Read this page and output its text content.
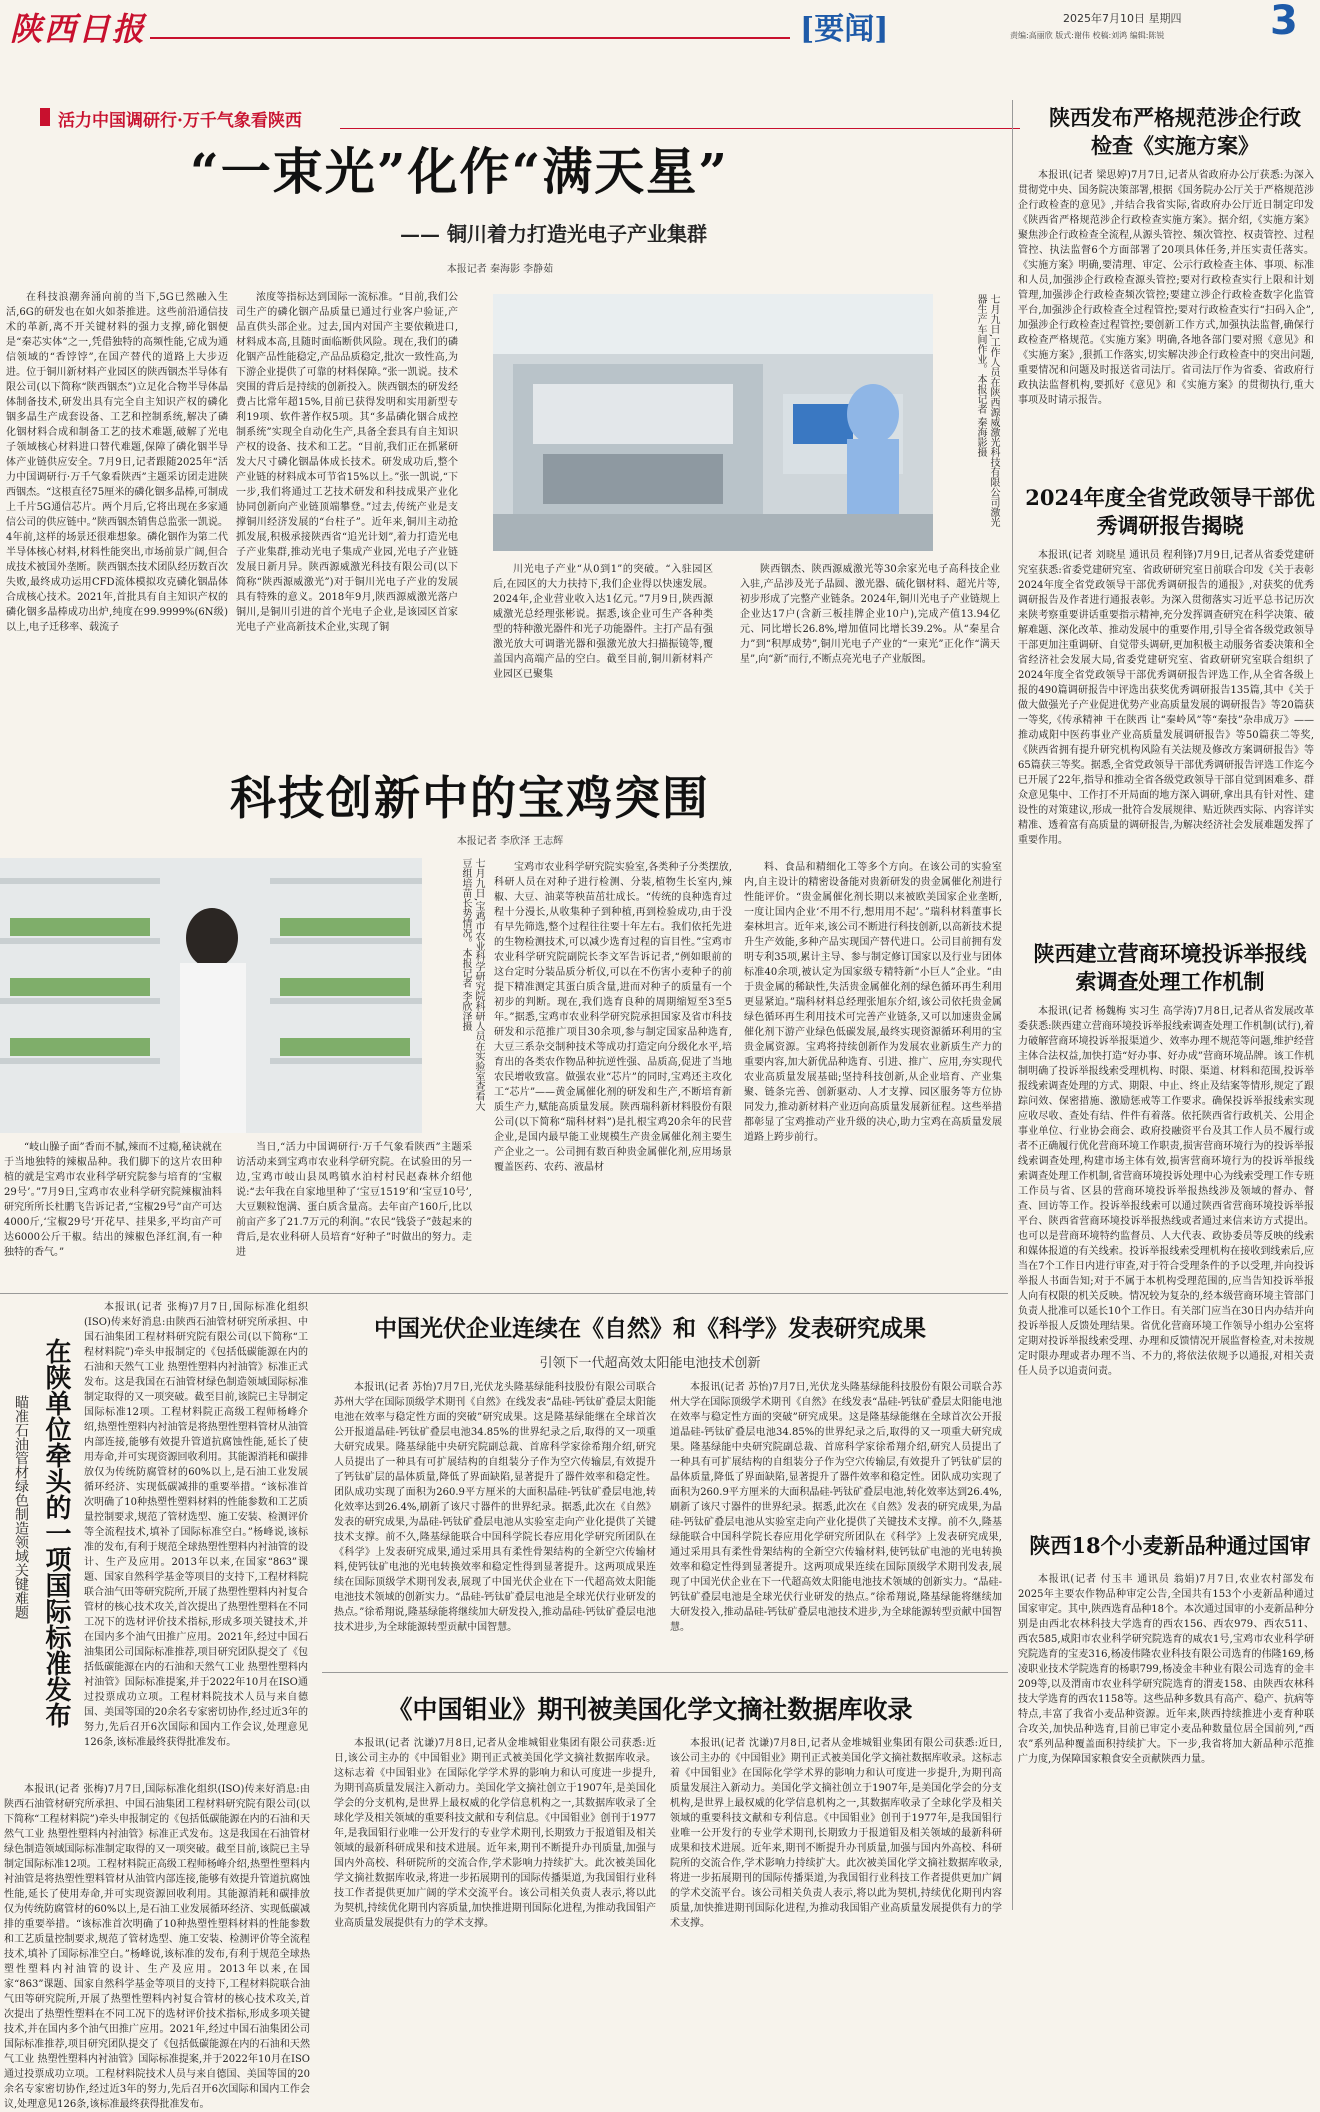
陕西日报	[要闻]	2025年7月10日 星期四
责编:高丽欣 版式:谢伟 校稿:刘鸿 编辑:陈锐	3
活力中国调研行·万千气象看陕西
“一束光”化作“满天星”
—— 铜川着力打造光电子产业集群
本报记者 秦海影 李静茹

在科技浪潮奔涌向前的当下,5G已然融入生活,6G的研发也在如火如荼推进。这些前沿通信技术的革新,离不开关键材料的强力支撑,碲化铟便是“秦芯实体”之一,凭借独特的高频性能,它成为通信领域的“香饽饽”,在国产替代的道路上大步迈进。位于铜川新材料产业园区的陕西铟杰半导体有限公司(以下简称“陕西铟杰”)立足化合物半导体晶体制备技术,研发出具有完全自主知识产权的磷化铟多晶生产成套设备、工艺和控制系统,解决了磷化铟材料合成和制备工艺的技术难题,破解了光电子领域核心材料进口替代难题,保障了磷化铟半导体产业链供应安全。7月9日,记者跟随2025年“活力中国调研行·万千气象看陕西”主题采访团走进陕西铟杰。“这根直径75厘米的磷化铟多晶棒,可制成上千片5G通信芯片。两个月后,它将出现在多家通信公司的供应链中。”陕西铟杰销售总监张一凯说。4年前,这样的场景还很难想象。磷化铟作为第二代半导体核心材料,材料性能突出,市场前景广阔,但合成技术被国外垄断。陕西铟杰技术团队经历数百次失败,最终成功运用CFD流体模拟攻克磷化铟晶体合成核心技术。2021年,首批具有自主知识产权的磷化铟多晶棒成功出炉,纯度在99.9999%(6N级)以上,电子迁移率、载流子

浓度等指标达到国际一流标准。“目前,我们公司生产的磷化铟产品质量已通过行业客户验证,产品直供头部企业。过去,国内对国产主要依赖进口,材料成本高,且随时面临断供风险。现在,我们的磷化铟产品性能稳定,产品品质稳定,批次一致性高,为下游企业提供了可靠的材料保障。”张一凯说。技术突围的背后是持续的创新投入。陕西铟杰的研发经费占比常年超15%,目前已获得发明和实用新型专利19项、软件著作权5项。其“多晶磷化铟合成控制系统”实现全自动化生产,具备全套具有自主知识产权的设备、技术和工艺。“目前,我们正在抓紧研发大尺寸磷化铟晶体成长技术。研发成功后,整个产业链的材料成本可节省15%以上。”张一凯说,“下一步,我们将通过工艺技术研发和科技成果产业化协同创新向产业链顶端攀登。”过去,传统产业是支撑铜川经济发展的“台柱子”。近年来,铜川主动抢抓发展,积极承接陕西省“追光计划”,着力打造光电子产业集群,推动光电子集成产业园,光电子产业链发展日新月异。陕西源威激光科技有限公司(以下简称“陕西源威激光”)对于铜川光电子产业的发展具有特殊的意义。2018年9月,陕西源威激光落户铜川,是铜川引进的首个光电子企业,是该园区首家光电子产业高新技术企业,实现了铜

七月九日,工作人员在陕西源威激光科技有限公司激光器生产车间作业。本报记者 秦海影摄

川光电子产业“从0到1”的突破。“入驻园区后,在园区的大力扶持下,我们企业得以快速发展。2024年,企业营业收入达1亿元。”7月9日,陕西源威激光总经理张彬说。据悉,该企业可生产各种类型的特种激光器件和光子功能器件。主打产品有强激光放大可调谐光器和强激光放大扫描振镜等,覆盖国内高端产品的空白。截至目前,铜川新材料产业园区已聚集

陕西铟杰、陕西源威激光等30余家光电子高科技企业入驻,产品涉及光子晶圆、激光器、硫化铟材料、超光片等,初步形成了完整产业链条。2024年,铜川光电子产业链规上企业达17户(含新三板挂牌企业10户),完成产值13.94亿元、同比增长26.8%,增加值同比增长39.2%。从“秦星合力”到“积厚成势”,铜川光电子产业的“一束光”正化作“满天星”,向“新”而行,不断点亮光电子产业版图。

科技创新中的宝鸡突围
本报记者 李欣泽 王志辉
七月九日,宝鸡市农业科学研究院科研人员在实验室查看大豆组培苗长势情况。本报记者 李欣泽摄

“岐山臊子面”香而不腻,辣而不过瘾,秘诀就在于当地独特的辣椒品种。我们脚下的这片农田种植的就是宝鸡市农业科学研究院参与培育的‘宝椒29号’。”7月9日,宝鸡市农业科学研究院辣椒油料研究所所长杜鹏飞告诉记者,“宝椒29号”亩产可达4000斤,‘宝椒29号’开花早、挂果多,平均亩产可达6000公斤干椒。结出的辣椒色泽红润,有一种独特的香气。”

当日,“活力中国调研行·万千气象看陕西”主题采访活动来到宝鸡市农业科学研究院。在试验田的另一边,宝鸡市岐山县凤鸣镇水泊村村民赵森林介绍他说:“去年我在自家地里种了‘宝豆1519’和‘宝豆10号’,大豆颗粒饱满、蛋白质含量高。去年亩产160斤,比以前亩产多了21.7万元的利润。”农民“钱袋子”鼓起来的背后,是农业科研人员培育“好种子”时做出的努力。走进

宝鸡市农业科学研究院实验室,各类种子分类摆放,科研人员在对种子进行检测、分装,植物生长室内,辣椒、大豆、油菜等秧苗茁壮成长。“传统的良种选育过程十分漫长,从收集种子到种植,再到检验成功,由于没有早先筛选,整个过程往往要十年左右。我们依托先进的生物检测技术,可以减少选育过程的盲目性。”宝鸡市农业科学研究院副院长李文军告诉记者,“例如眼前的这台定时分装品质分析仪,可以在不伤害小麦种子的前提下精准测定其蛋白质含量,进而对种子的质量有一个初步的判断。现在,我们选育良种的周期缩短至3至5年。”据悉,宝鸡市农业科学研究院承担国家及省市科技研发和示范推广项目30余项,参与制定国家品种选育,大豆三系杂交制种技术等成功打造定向分级化水平,培育出的各类农作物品种抗逆性强、品质高,促进了当地农民增收致富。做强农业“芯片”的同时,宝鸡还主攻化工“芯片”——黄金属催化剂的研发和生产,不断培育新质生产力,赋能高质量发展。陕西瑞科新材料股份有限公司(以下简称“瑞科材料”)是扎根宝鸡20余年的民营企业,是国内最早能工业规模生产贵金属催化剂主要生产企业之一。公司拥有数百种贵金属催化剂,应用场景覆盖医药、农药、液晶材

料、食品和精细化工等多个方向。在该公司的实验室内,自主设计的精密设备能对贵新研发的贵金属催化剂进行性能评价。“贵金属催化剂长期以来被欧美国家企业垄断,一度让国内企业‘不用不行,想用用不起’。”瑞科材料董事长秦林坦言。近年来,该公司不断进行科技创新,以高新技术提升生产效能,多种产品实现国产替代进口。公司目前拥有发明专利35项,累计主导、参与制定修订国家以及行业与团体标准40余项,被认定为国家级专精特新“小巨人”企业。“由于贵金属的稀缺性,失活贵金属催化剂的绿色循环再生利用更显紧迫。”瑞科材料总经理张旭东介绍,该公司依托贵金属绿色循环再生利用技术可完善产业链条,又可以加速贵金属催化剂下游产业绿色低碳发展,最终实现资源循环利用的宝贵金属资源。宝鸡将持续创新作为发展农业新质生产力的重要内容,加大新优品种选育、引进、推广、应用,夯实现代农业高质量发展基础;坚持科技创新,从企业培育、产业集聚、链条完善、创新驱动、人才支撑、园区服务等方位协同发力,推动新材料产业迈向高质量发展新征程。这些举措都彰显了宝鸡推动产业升级的决心,助力宝鸡在高质量发展道路上跨步前行。

陕西发布严格规范涉企行政检查《实施方案》

本报讯(记者 梁思婷)7月7日,记者从省政府办公厅获悉:为深入贯彻党中央、国务院决策部署,根据《国务院办公厅关于严格规范涉企行政检查的意见》,并结合我省实际,省政府办公厅近日制定印发《陕西省严格规范涉企行政检查实施方案》。据介绍,《实施方案》聚焦涉企行政检查全流程,从源头管控、频次管控、权责管控、过程管控、执法监督6个方面部署了20项具体任务,并压实责任落实。《实施方案》明确,要清理、审定、公示行政检查主体、事项、标准和人员,加强涉企行政检查源头管控;要对行政检查实行上限和计划管理,加强涉企行政检查频次管控;要建立涉企行政检查数字化监管平台,加强涉企行政检查全过程管控;要对行政检查实行“扫码入企”,加强涉企行政检查过程管控;要创新工作方式,加强执法监督,确保行政检查严格规范。《实施方案》明确,各地各部门要对照《意见》和《实施方案》,狠抓工作落实,切实解决涉企行政检查中的突出问题,重要情况和问题及时报送省司法厅。省司法厅作为省委、省政府行政执法监督机构,要抓好《意见》和《实施方案》的贯彻执行,重大事项及时请示报告。

2024年度全省党政领导干部优秀调研报告揭晓

本报讯(记者 刘晓星 通讯员 程利锋)7月9日,记者从省委党建研究室获悉:省委党建研究室、省政研研究室日前联合印发《关于表彰2024年度全省党政领导干部优秀调研报告的通报》,对获奖的优秀调研报告及作者进行通报表彰。为深入贯彻落实习近平总书记历次来陕考察重要讲话重要指示精神,充分发挥调查研究在科学决策、破解难题、深化改革、推动发展中的重要作用,引导全省各级党政领导干部更加注重调研、自觉带头调研,更加积极主动服务省委决策和全省经济社会发展大局,省委党建研究室、省政研研究室联合组织了2024年度全省党政领导干部优秀调研报告评选工作,从全省各级上报的490篇调研报告中评选出获奖优秀调研报告135篇,其中《关于做大做强光子产业促进优势产业高质量发展的调研报告》等20篇获一等奖,《传承精神 干在陕西 让“秦岭风”等“秦技”杂串成万》——推动咸阳中医药事业产业高质量发展调研报告》等50篇获二等奖,《陕西省拥有提升研究机构风险有关法规及修改方案调研报告》等65篇获三等奖。据悉,全省党政领导干部优秀调研报告评选工作迄今已开展了22年,指导和推动全省各级党政领导干部自觉到困难多、群众意见集中、工作打不开局面的地方深入调研,拿出具有针对性、建设性的对策建议,形成一批符合发展规律、贴近陕西实际、内容详实精准、透着富有高质量的调研报告,为解决经济社会发展难题发挥了重要作用。

陕西建立营商环境投诉举报线索调查处理工作机制

本报讯(记者 杨魏梅 实习生 高学涛)7月8日,记者从省发展改革委获悉:陕西建立营商环境投诉举报线索调查处理工作机制(试行),着力破解营商环境投诉举报渠道少、效率办理不规范等问题,维护经营主体合法权益,加快打造“好办事、好办成”营商环境品牌。该工作机制明确了投诉举报线索受理机构、时限、渠道、材料和范围,投诉举报线索调查处理的方式、期限、中止、终止及结案等情形,规定了跟踪问效、保密措施、激励惩戒等工作要求。确保投诉举报线索实现应收尽收、查处有结、件件有着落。依托陕西省行政机关、公用企事业单位、行业协会商会、政府投融资平台及其工作人员不履行或者不正确履行优化营商环境工作职责,损害营商环境行为的投诉举报线索调查处理,构建市场主体有效,损害营商环境行为的投诉举报线索调查处理工作机制,省营商环境投诉处理中心为线索受理工作专班工作员与省、区县的营商环境投诉举报热线涉及领域的督办、督查、回访等工作。投诉举报线索可以通过陕西省营商环境投诉举报平台、陕西省营商环境投诉举报热线或者通过来信来访方式提出。也可以是营商环境特约监督员、人大代表、政协委员等反映的线索和媒体报道的有关线索。投诉举报线索受理机构在接收到线索后,应当在7个工作日内进行审查,对于符合受理条件的予以受理,并向投诉举报人书面告知;对于不属于本机构受理范围的,应当告知投诉举报人向有权限的机关反映。情况较为复杂的,经本级营商环境主管部门负责人批准可以延长10个工作日。有关部门应当在30日内办结并向投诉举报人反馈处理结果。省优化营商环境工作领导小组办公室将定期对投诉举报线索受理、办理和反馈情况开展监督检查,对未按规定时限办理或者办理不当、不力的,将依法依规予以通报,对相关责任人员予以追责问责。

陕西18个小麦新品种通过国审

本报讯(记者 付玉丰 通讯员 翁娟)7月7日,农业农村部发布2025年主要农作物品种审定公告,全国共有153个小麦新品种通过国家审定。其中,陕西选育品种18个。本次通过国审的小麦新品种分别是由西北农林科技大学选育的西农156、西农979、西农511、西农585,咸阳市农业科学研究院选育的咸农1号,宝鸡市农业科学研究院选育的宝麦316,杨凌伟隆农业科技有限公司选育的伟隆169,杨凌职业技术学院选育的杨职799,杨凌金丰种业有限公司选育的金丰209等,以及渭南市农业科学研究院选育的渭麦158、由陕西农林科技大学选育的西农1158等。这些品种多数具有高产、稳产、抗病等特点,丰富了我省小麦品种资源。近年来,陕西持续推进小麦育种联合攻关,加快品种选育,目前已审定小麦品种数量位居全国前列,“西农”系列品种覆盖面积持续扩大。下一步,我省将加大新品种示范推广力度,为保障国家粮食安全贡献陕西力量。

本报讯(记者 张梅)7月7日,国际标准化组织(ISO)传来好消息:由陕西石油管材研究所承担、中国石油集团工程材料研究院有限公司(以下简称“工程材料院”)牵头申报制定的《包括低碳能源在内的石油和天然气工业 热塑性塑料内衬油管》标准正式发布。这是我国在石油管材绿色制造领域国际标准制定取得的又一项突破。截至目前,该院已主导制定国际标准12项。工程材料院正高级工程师杨峰介绍,热塑性塑料内衬油管是将热塑性塑料管材从油管内部连接,能够有效提升管道抗腐蚀性能,延长了使用寿命,并可实现资源回收利用。其能源消耗和碳排放仅为传统防腐管材的60%以上,是石油工业发展循环经济、实现低碳减排的重要举措。“该标准首次明确了10种热塑性塑料材料的性能参数和工艺质量控制要求,规范了管材选型、施工安装、检测评价等全流程技术,填补了国际标准空白。”杨峰说,该标准的发布,有利于规范全球热塑性塑料内衬油管的设计、生产及应用。2013年以来,在国家“863”课题、国家自然科学基金等项目的支持下,工程材料院联合油气田等研究院所,开展了热塑性塑料内衬复合管材的核心技术攻关,首次提出了热塑性塑料在不同工况下的选材评价技术指标,形成多项关键技术,并在国内多个油气田推广应用。2021年,经过中国石油集团公司国际标准推荐,项目研究团队提交了《包括低碳能源在内的石油和天然气工业 热塑性塑料内衬油管》国际标准提案,并于2022年10月在ISO通过投票成功立项。工程材料院技术人员与来自德国、美国等国的20余名专家密切协作,经过近3年的努力,先后召开6次国际和国内工作会议,处理意见126条,该标准最终获得批准发布。

在陕单位牵头的一项国际标准发布
瞄准石油管材绿色制造领域关键难题

本报讯(记者 张梅)7月7日,国际标准化组织(ISO)传来好消息:由陕西石油管材研究所承担、中国石油集团工程材料研究院有限公司(以下简称“工程材料院”)牵头申报制定的《包括低碳能源在内的石油和天然气工业 热塑性塑料内衬油管》标准正式发布。这是我国在石油管材绿色制造领域国际标准制定取得的又一项突破。截至目前,该院已主导制定国际标准12项。工程材料院正高级工程师杨峰介绍,热塑性塑料内衬油管是将热塑性塑料管材从油管内部连接,能够有效提升管道抗腐蚀性能,延长了使用寿命,并可实现资源回收利用。其能源消耗和碳排放仅为传统防腐管材的60%以上,是石油工业发展循环经济、实现低碳减排的重要举措。“该标准首次明确了10种热塑性塑料材料的性能参数和工艺质量控制要求,规范了管材选型、施工安装、检测评价等全流程技术,填补了国际标准空白。”杨峰说,该标准的发布,有利于规范全球热塑性塑料内衬油管的设计、生产及应用。2013年以来,在国家“863”课题、国家自然科学基金等项目的支持下,工程材料院联合油气田等研究院所,开展了热塑性塑料内衬复合管材的核心技术攻关,首次提出了热塑性塑料在不同工况下的选材评价技术指标,形成多项关键技术,并在国内多个油气田推广应用。2021年,经过中国石油集团公司国际标准推荐,项目研究团队提交了《包括低碳能源在内的石油和天然气工业 热塑性塑料内衬油管》国际标准提案,并于2022年10月在ISO通过投票成功立项。工程材料院技术人员与来自德国、美国等国的20余名专家密切协作,经过近3年的努力,先后召开6次国际和国内工作会议,处理意见126条,该标准最终获得批准发布。

中国光伏企业连续在《自然》和《科学》发表研究成果
引领下一代超高效太阳能电池技术创新

本报讯(记者 苏怡)7月7日,光伏龙头隆基绿能科技股份有限公司联合苏州大学在国际顶级学术期刊《自然》在线发表“晶硅-钙钛矿叠层太阳能电池在效率与稳定性方面的突破”研究成果。这是隆基绿能继在全球首次公开报道晶硅-钙钛矿叠层电池34.85%的世界纪录之后,取得的又一项重大研究成果。隆基绿能中央研究院副总裁、首席科学家徐希翔介绍,研究人员提出了一种具有可扩展结构的自组装分子作为空穴传输层,有效提升了钙钛矿层的晶体质量,降低了界面缺陷,显著提升了器件效率和稳定性。团队成功实现了面积为260.9平方厘米的大面积晶硅-钙钛矿叠层电池,转化效率达到26.4%,刷新了该尺寸器件的世界纪录。据悉,此次在《自然》发表的研究成果,为晶硅-钙钛矿叠层电池从实验室走向产业化提供了关键技术支撑。前不久,隆基绿能联合中国科学院长春应用化学研究所团队在《科学》上发表研究成果,通过采用具有柔性骨架结构的全新空穴传输材料,使钙钛矿电池的光电转换效率和稳定性得到显著提升。这两项成果连续在国际顶级学术期刊发表,展现了中国光伏企业在下一代超高效太阳能电池技术领域的创新实力。“晶硅-钙钛矿叠层电池是全球光伏行业研发的热点。”徐希翔说,隆基绿能将继续加大研发投入,推动晶硅-钙钛矿叠层电池技术进步,为全球能源转型贡献中国智慧。

本报讯(记者 苏怡)7月7日,光伏龙头隆基绿能科技股份有限公司联合苏州大学在国际顶级学术期刊《自然》在线发表“晶硅-钙钛矿叠层太阳能电池在效率与稳定性方面的突破”研究成果。这是隆基绿能继在全球首次公开报道晶硅-钙钛矿叠层电池34.85%的世界纪录之后,取得的又一项重大研究成果。隆基绿能中央研究院副总裁、首席科学家徐希翔介绍,研究人员提出了一种具有可扩展结构的自组装分子作为空穴传输层,有效提升了钙钛矿层的晶体质量,降低了界面缺陷,显著提升了器件效率和稳定性。团队成功实现了面积为260.9平方厘米的大面积晶硅-钙钛矿叠层电池,转化效率达到26.4%,刷新了该尺寸器件的世界纪录。据悉,此次在《自然》发表的研究成果,为晶硅-钙钛矿叠层电池从实验室走向产业化提供了关键技术支撑。前不久,隆基绿能联合中国科学院长春应用化学研究所团队在《科学》上发表研究成果,通过采用具有柔性骨架结构的全新空穴传输材料,使钙钛矿电池的光电转换效率和稳定性得到显著提升。这两项成果连续在国际顶级学术期刊发表,展现了中国光伏企业在下一代超高效太阳能电池技术领域的创新实力。“晶硅-钙钛矿叠层电池是全球光伏行业研发的热点。”徐希翔说,隆基绿能将继续加大研发投入,推动晶硅-钙钛矿叠层电池技术进步,为全球能源转型贡献中国智慧。

《中国钼业》期刊被美国化学文摘社数据库收录

本报讯(记者 沈谦)7月8日,记者从金堆城钼业集团有限公司获悉:近日,该公司主办的《中国钼业》期刊正式被美国化学文摘社数据库收录。这标志着《中国钼业》在国际化学学术界的影响力和认可度进一步提升,为期刊高质量发展注入新动力。美国化学文摘社创立于1907年,是美国化学会的分支机构,是世界上最权威的化学信息机构之一,其数据库收录了全球化学及相关领域的重要科技文献和专利信息。《中国钼业》创刊于1977年,是我国钼行业唯一公开发行的专业学术期刊,长期致力于报道钼及相关领域的最新科研成果和技术进展。近年来,期刊不断提升办刊质量,加强与国内外高校、科研院所的交流合作,学术影响力持续扩大。此次被美国化学文摘社数据库收录,将进一步拓展期刊的国际传播渠道,为我国钼行业科技工作者提供更加广阔的学术交流平台。该公司相关负责人表示,将以此为契机,持续优化期刊内容质量,加快推进期刊国际化进程,为推动我国钼产业高质量发展提供有力的学术支撑。

本报讯(记者 沈谦)7月8日,记者从金堆城钼业集团有限公司获悉:近日,该公司主办的《中国钼业》期刊正式被美国化学文摘社数据库收录。这标志着《中国钼业》在国际化学学术界的影响力和认可度进一步提升,为期刊高质量发展注入新动力。美国化学文摘社创立于1907年,是美国化学会的分支机构,是世界上最权威的化学信息机构之一,其数据库收录了全球化学及相关领域的重要科技文献和专利信息。《中国钼业》创刊于1977年,是我国钼行业唯一公开发行的专业学术期刊,长期致力于报道钼及相关领域的最新科研成果和技术进展。近年来,期刊不断提升办刊质量,加强与国内外高校、科研院所的交流合作,学术影响力持续扩大。此次被美国化学文摘社数据库收录,将进一步拓展期刊的国际传播渠道,为我国钼行业科技工作者提供更加广阔的学术交流平台。该公司相关负责人表示,将以此为契机,持续优化期刊内容质量,加快推进期刊国际化进程,为推动我国钼产业高质量发展提供有力的学术支撑。
